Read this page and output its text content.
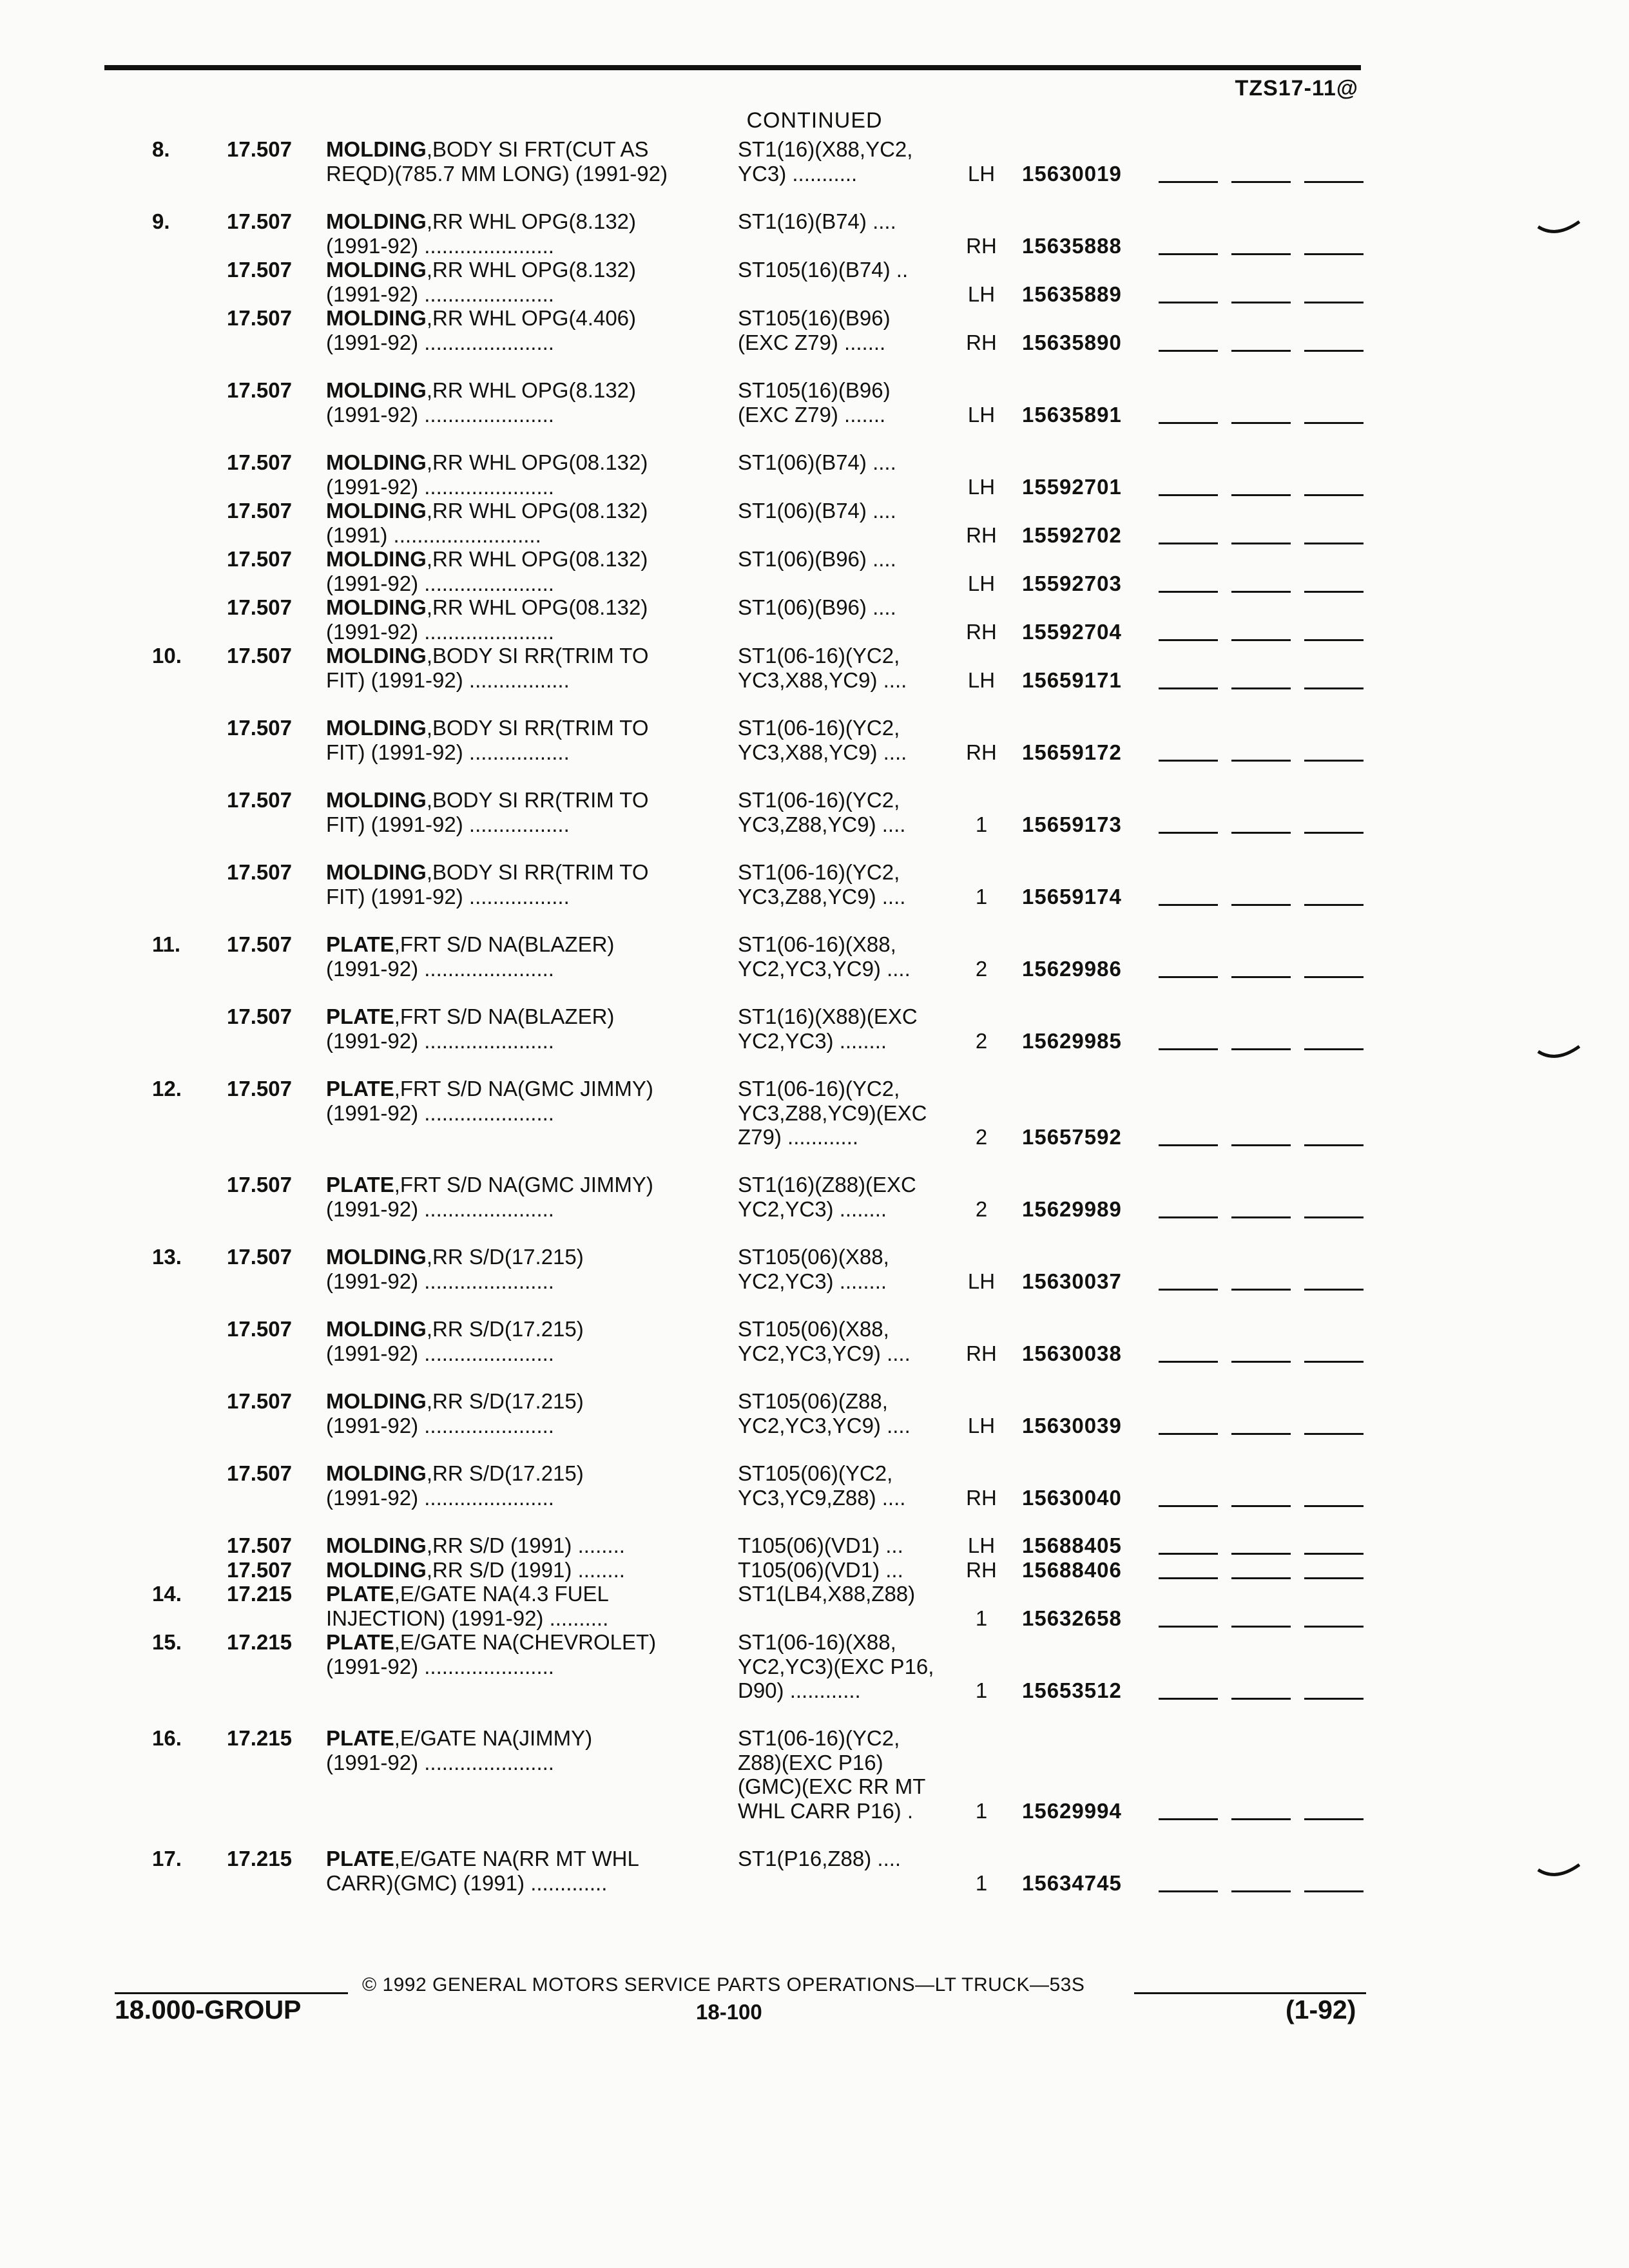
TZS17-11@
CONTINUED
8.	17.507 MOLDING,BODY SI FRT(CUT AS
REQD)(785.7 MM LONG) (1991-92)
ST1(16)(X88,YC2,
YC3) ...........	LH	15630019
9.	17.507 MOLDING,RR WHL OPG(8.132)
(1991-92) ......................
ST1(16)(B74) ....
RH	15635888
17.507 MOLDING,RR WHL OPG(8.132)
(1991-92) ......................
ST105(16)(B74) ..
LH	15635889
17.507 MOLDING,RR WHL OPG(4.406)
(1991-92) ......................
ST105(16)(B96)
(EXC Z79) .......	RH	15635890
17.507 MOLDING,RR WHL OPG(8.132)
(1991-92) ......................
ST105(16)(B96)
(EXC Z79) .......	LH	15635891
17.507 MOLDING,RR WHL OPG(08.132)
(1991-92) ......................
ST1(06)(B74) ....
LH	15592701
17.507 MOLDING,RR WHL OPG(08.132)
(1991) .........................
ST1(06)(B74) ....
RH	15592702
17.507 MOLDING,RR WHL OPG(08.132)
(1991-92) ......................
ST1(06)(B96) ....
LH	15592703
17.507 MOLDING,RR WHL OPG(08.132)
(1991-92) ......................
ST1(06)(B96) ....
RH	15592704
10.	17.507 MOLDING,BODY SI RR(TRIM TO
FIT) (1991-92) .................
ST1(06-16)(YC2,
YC3,X88,YC9) ....	LH	15659171
17.507 MOLDING,BODY SI RR(TRIM TO
FIT) (1991-92) .................
ST1(06-16)(YC2,
YC3,X88,YC9) ....	RH	15659172
17.507 MOLDING,BODY SI RR(TRIM TO
FIT) (1991-92) .................
ST1(06-16)(YC2,
YC3,Z88,YC9) ....	1	15659173
17.507 MOLDING,BODY SI RR(TRIM TO
FIT) (1991-92) .................
ST1(06-16)(YC2,
YC3,Z88,YC9) ....	1	15659174
11.	17.507 PLATE,FRT S/D NA(BLAZER)
(1991-92) ......................
ST1(06-16)(X88,
YC2,YC3,YC9) ....	2	15629986
17.507 PLATE,FRT S/D NA(BLAZER)
(1991-92) ......................
ST1(16)(X88)(EXC
YC2,YC3) ........	2	15629985
12.	17.507 PLATE,FRT S/D NA(GMC JIMMY)
(1991-92) ......................
ST1(06-16)(YC2,
YC3,Z88,YC9)(EXC
Z79) ............	2	15657592
17.507 PLATE,FRT S/D NA(GMC JIMMY)
(1991-92) ......................
ST1(16)(Z88)(EXC
YC2,YC3) ........	2	15629989
13.	17.507 MOLDING,RR S/D(17.215)
(1991-92) ......................
ST105(06)(X88,
YC2,YC3) ........	LH	15630037
17.507 MOLDING,RR S/D(17.215)
(1991-92) ......................
ST105(06)(X88,
YC2,YC3,YC9) ....	RH	15630038
17.507 MOLDING,RR S/D(17.215)
(1991-92) ......................
ST105(06)(Z88,
YC2,YC3,YC9) ....	LH	15630039
17.507 MOLDING,RR S/D(17.215)
(1991-92) ......................
ST105(06)(YC2,
YC3,YC9,Z88) ....	RH	15630040
17.507 MOLDING,RR S/D (1991) ........	T105(06)(VD1) ...	LH	15688405
17.507 MOLDING,RR S/D (1991) ........	T105(06)(VD1) ...	RH	15688406
14.	17.215 PLATE,E/GATE NA(4.3 FUEL
INJECTION) (1991-92) ..........
ST1(LB4,X88,Z88)
1	15632658
15.	17.215 PLATE,E/GATE NA(CHEVROLET)
(1991-92) ......................
ST1(06-16)(X88,
YC2,YC3)(EXC P16,
D90) ............	1	15653512
16.	17.215 PLATE,E/GATE NA(JIMMY)
(1991-92) ......................
ST1(06-16)(YC2,
Z88)(EXC P16)
(GMC)(EXC RR MT
WHL CARR P16) .	1	15629994
17.	17.215 PLATE,E/GATE NA(RR MT WHL
CARR)(GMC) (1991) .............
ST1(P16,Z88) ....
1	15634745
© 1992 GENERAL MOTORS SERVICE PARTS OPERATIONS—LT TRUCK—53S
18.000-GROUP	18-100	(1-92)
